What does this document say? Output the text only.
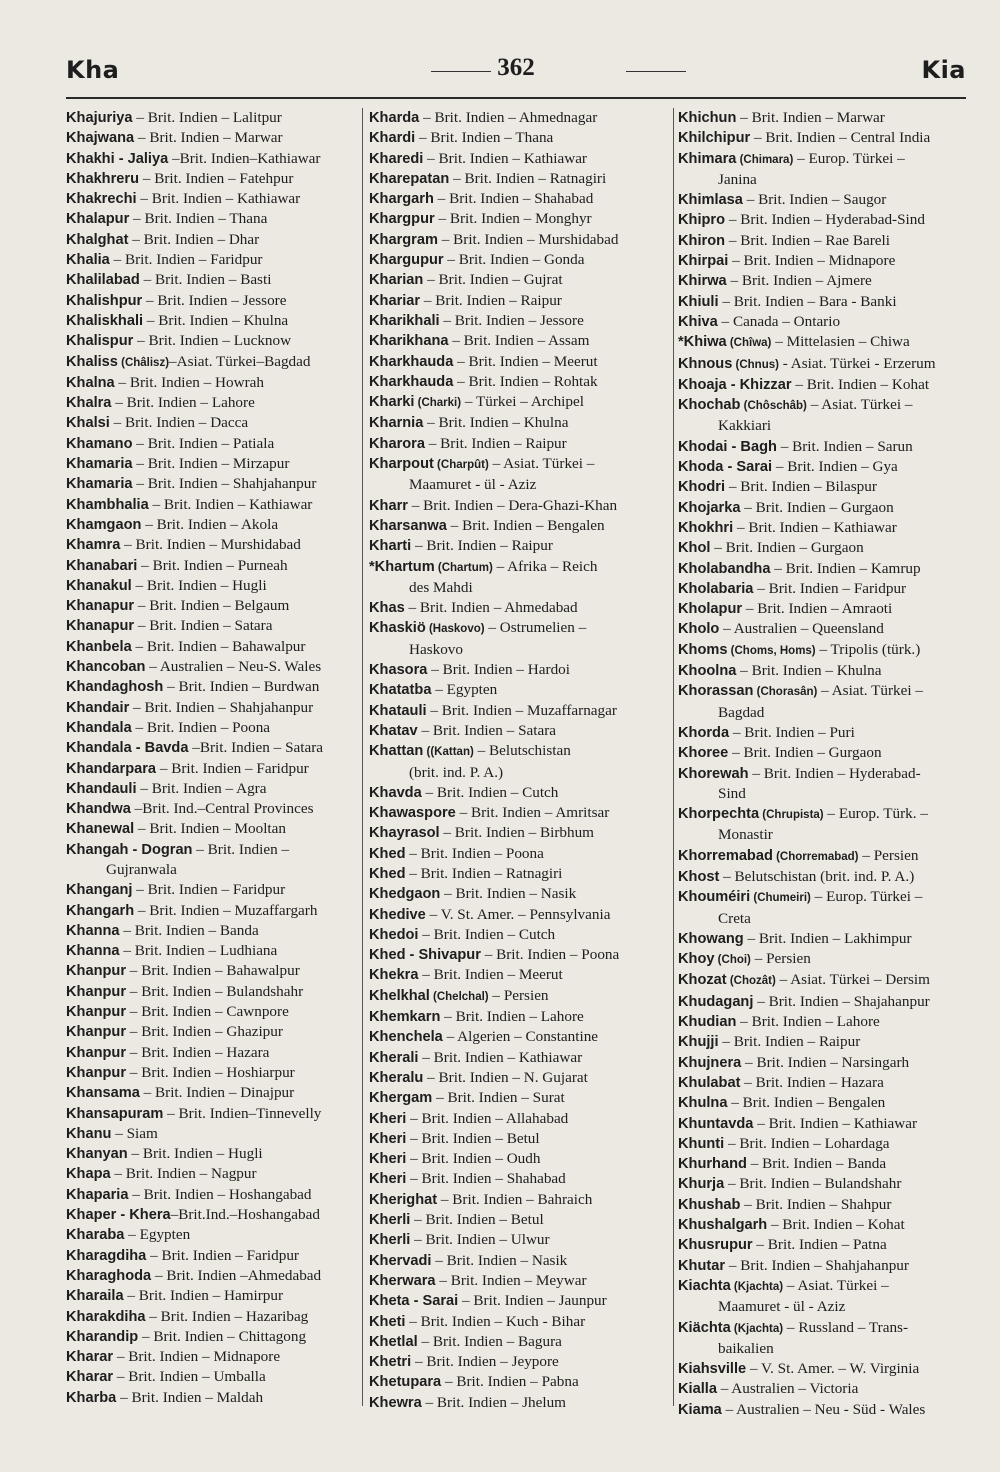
Kha	362	Kia
Khajuriya – Brit. Indien – Lalitpur
Khajwana – Brit. Indien – Marwar
Khakhi - Jaliya –Brit. Indien–Kathiawar
Khakhreru – Brit. Indien – Fatehpur
Khakrechi – Brit. Indien – Kathiawar
Khalapur – Brit. Indien – Thana
Khalghat – Brit. Indien – Dhar
Khalia – Brit. Indien – Faridpur
Khalilabad – Brit. Indien – Basti
Khalishpur – Brit. Indien – Jessore
Khaliskhali – Brit. Indien – Khulna
Khalispur – Brit. Indien – Lucknow
Khaliss (Châlisz)–Asiat. Türkei–Bagdad
Khalna – Brit. Indien – Howrah
Khalra – Brit. Indien – Lahore
Khalsi – Brit. Indien – Dacca
Khamano – Brit. Indien – Patiala
Khamaria – Brit. Indien – Mirzapur
Khamaria – Brit. Indien – Shahjahanpur
Khambhalia – Brit. Indien – Kathiawar
Khamgaon – Brit. Indien – Akola
Khamra – Brit. Indien – Murshidabad
Khanabari – Brit. Indien – Purneah
Khanakul – Brit. Indien – Hugli
Khanapur – Brit. Indien – Belgaum
Khanapur – Brit. Indien – Satara
Khanbela – Brit. Indien – Bahawalpur
Khancoban – Australien – Neu-S. Wales
Khandaghosh – Brit. Indien – Burdwan
Khandair – Brit. Indien – Shahjahanpur
Khandala – Brit. Indien – Poona
Khandala - Bavda –Brit. Indien – Satara
Khandarpara – Brit. Indien – Faridpur
Khandauli – Brit. Indien – Agra
Khandwa –Brit. Ind.–Central Provinces
Khanewal – Brit. Indien – Mooltan
Khangah - Dogran – Brit. Indien –
Gujranwala
Khanganj – Brit. Indien – Faridpur
Khangarh – Brit. Indien – Muzaffargarh
Khanna – Brit. Indien – Banda
Khanna – Brit. Indien – Ludhiana
Khanpur – Brit. Indien – Bahawalpur
Khanpur – Brit. Indien – Bulandshahr
Khanpur – Brit. Indien – Cawnpore
Khanpur – Brit. Indien – Ghazipur
Khanpur – Brit. Indien – Hazara
Khanpur – Brit. Indien – Hoshiarpur
Khansama – Brit. Indien – Dinajpur
Khansapuram – Brit. Indien–Tinnevelly
Khanu – Siam
Khanyan – Brit. Indien – Hugli
Khapa – Brit. Indien – Nagpur
Khaparia – Brit. Indien – Hoshangabad
Khaper - Khera–Brit.Ind.–Hoshangabad
Kharaba – Egypten
Kharagdiha – Brit. Indien – Faridpur
Kharaghoda – Brit. Indien –Ahmedabad
Kharaila – Brit. Indien – Hamirpur
Kharakdiha – Brit. Indien – Hazaribag
Kharandip – Brit. Indien – Chittagong
Kharar – Brit. Indien – Midnapore
Kharar – Brit. Indien – Umballa
Kharba – Brit. Indien – Maldah
Kharda – Brit. Indien – Ahmednagar
Khardi – Brit. Indien – Thana
Kharedi – Brit. Indien – Kathiawar
Kharepatan – Brit. Indien – Ratnagiri
Khargarh – Brit. Indien – Shahabad
Khargpur – Brit. Indien – Monghyr
Khargram – Brit. Indien – Murshidabad
Khargupur – Brit. Indien – Gonda
Kharian – Brit. Indien – Gujrat
Khariar – Brit. Indien – Raipur
Kharikhali – Brit. Indien – Jessore
Kharikhana – Brit. Indien – Assam
Kharkhauda – Brit. Indien – Meerut
Kharkhauda – Brit. Indien – Rohtak
Kharki (Charki) – Türkei – Archipel
Kharnia – Brit. Indien – Khulna
Kharora – Brit. Indien – Raipur
Kharpout (Charpût) – Asiat. Türkei –
Maamuret - ül - Aziz
Kharr – Brit. Indien – Dera-Ghazi-Khan
Kharsanwa – Brit. Indien – Bengalen
Kharti – Brit. Indien – Raipur
*Khartum (Chartum) – Afrika – Reich
des Mahdi
Khas – Brit. Indien – Ahmedabad
Khaskiö (Haskovo) – Ostrumelien –
Haskovo
Khasora – Brit. Indien – Hardoi
Khatatba – Egypten
Khatauli – Brit. Indien – Muzaffarnagar
Khatav – Brit. Indien – Satara
Khattan ((Kattan) – Belutschistan
(brit. ind. P. A.)
Khavda – Brit. Indien – Cutch
Khawaspore – Brit. Indien – Amritsar
Khayrasol – Brit. Indien – Birbhum
Khed – Brit. Indien – Poona
Khed – Brit. Indien – Ratnagiri
Khedgaon – Brit. Indien – Nasik
Khedive – V. St. Amer. – Pennsylvania
Khedoi – Brit. Indien – Cutch
Khed - Shivapur – Brit. Indien – Poona
Khekra – Brit. Indien – Meerut
Khelkhal (Chelchal) – Persien
Khemkarn – Brit. Indien – Lahore
Khenchela – Algerien – Constantine
Kherali – Brit. Indien – Kathiawar
Kheralu – Brit. Indien – N. Gujarat
Khergam – Brit. Indien – Surat
Kheri – Brit. Indien – Allahabad
Kheri – Brit. Indien – Betul
Kheri – Brit. Indien – Oudh
Kheri – Brit. Indien – Shahabad
Kherighat – Brit. Indien – Bahraich
Kherli – Brit. Indien – Betul
Kherli – Brit. Indien – Ulwur
Khervadi – Brit. Indien – Nasik
Kherwara – Brit. Indien – Meywar
Kheta - Sarai – Brit. Indien – Jaunpur
Kheti – Brit. Indien – Kuch - Bihar
Khetlal – Brit. Indien – Bagura
Khetri – Brit. Indien – Jeypore
Khetupara – Brit. Indien – Pabna
Khewra – Brit. Indien – Jhelum
Khichun – Brit. Indien – Marwar
Khilchipur – Brit. Indien – Central India
Khimara (Chimara) – Europ. Türkei –
Janina
Khimlasa – Brit. Indien – Saugor
Khipro – Brit. Indien – Hyderabad-Sind
Khiron – Brit. Indien – Rae Bareli
Khirpai – Brit. Indien – Midnapore
Khirwa – Brit. Indien – Ajmere
Khiuli – Brit. Indien – Bara - Banki
Khiva – Canada – Ontario
*Khiwa (Chîwa) – Mittelasien – Chiwa
Khnous (Chnus) - Asiat. Türkei - Erzerum
Khoaja - Khizzar – Brit. Indien – Kohat
Khochab (Chôschâb) – Asiat. Türkei –
Kakkiari
Khodai - Bagh – Brit. Indien – Sarun
Khoda - Sarai – Brit. Indien – Gya
Khodri – Brit. Indien – Bilaspur
Khojarka – Brit. Indien – Gurgaon
Khokhri – Brit. Indien – Kathiawar
Khol – Brit. Indien – Gurgaon
Kholabandha – Brit. Indien – Kamrup
Kholabaria – Brit. Indien – Faridpur
Kholapur – Brit. Indien – Amraoti
Kholo – Australien – Queensland
Khoms (Choms, Homs) – Tripolis (türk.)
Khoolna – Brit. Indien – Khulna
Khorassan (Chorasân) – Asiat. Türkei –
Bagdad
Khorda – Brit. Indien – Puri
Khoree – Brit. Indien – Gurgaon
Khorewah – Brit. Indien – Hyderabad-
Sind
Khorpechta (Chrupista) – Europ. Türk. –
Monastir
Khorremabad (Chorremabad) – Persien
Khost – Belutschistan (brit. ind. P. A.)
Khouméiri (Chumeiri) – Europ. Türkei –
Creta
Khowang – Brit. Indien – Lakhimpur
Khoy (Choi) – Persien
Khozat (Chozât) – Asiat. Türkei – Dersim
Khudaganj – Brit. Indien – Shajahanpur
Khudian – Brit. Indien – Lahore
Khujji – Brit. Indien – Raipur
Khujnera – Brit. Indien – Narsingarh
Khulabat – Brit. Indien – Hazara
Khulna – Brit. Indien – Bengalen
Khuntavda – Brit. Indien – Kathiawar
Khunti – Brit. Indien – Lohardaga
Khurhand – Brit. Indien – Banda
Khurja – Brit. Indien – Bulandshahr
Khushab – Brit. Indien – Shahpur
Khushalgarh – Brit. Indien – Kohat
Khusrupur – Brit. Indien – Patna
Khutar – Brit. Indien – Shahjahanpur
Kiachta (Kjachta) – Asiat. Türkei –
Maamuret - ül - Aziz
Kiächta (Kjachta) – Russland – Trans-
baikalien
Kiahsville – V. St. Amer. – W. Virginia
Kialla – Australien – Victoria
Kiama – Australien – Neu - Süd - Wales
